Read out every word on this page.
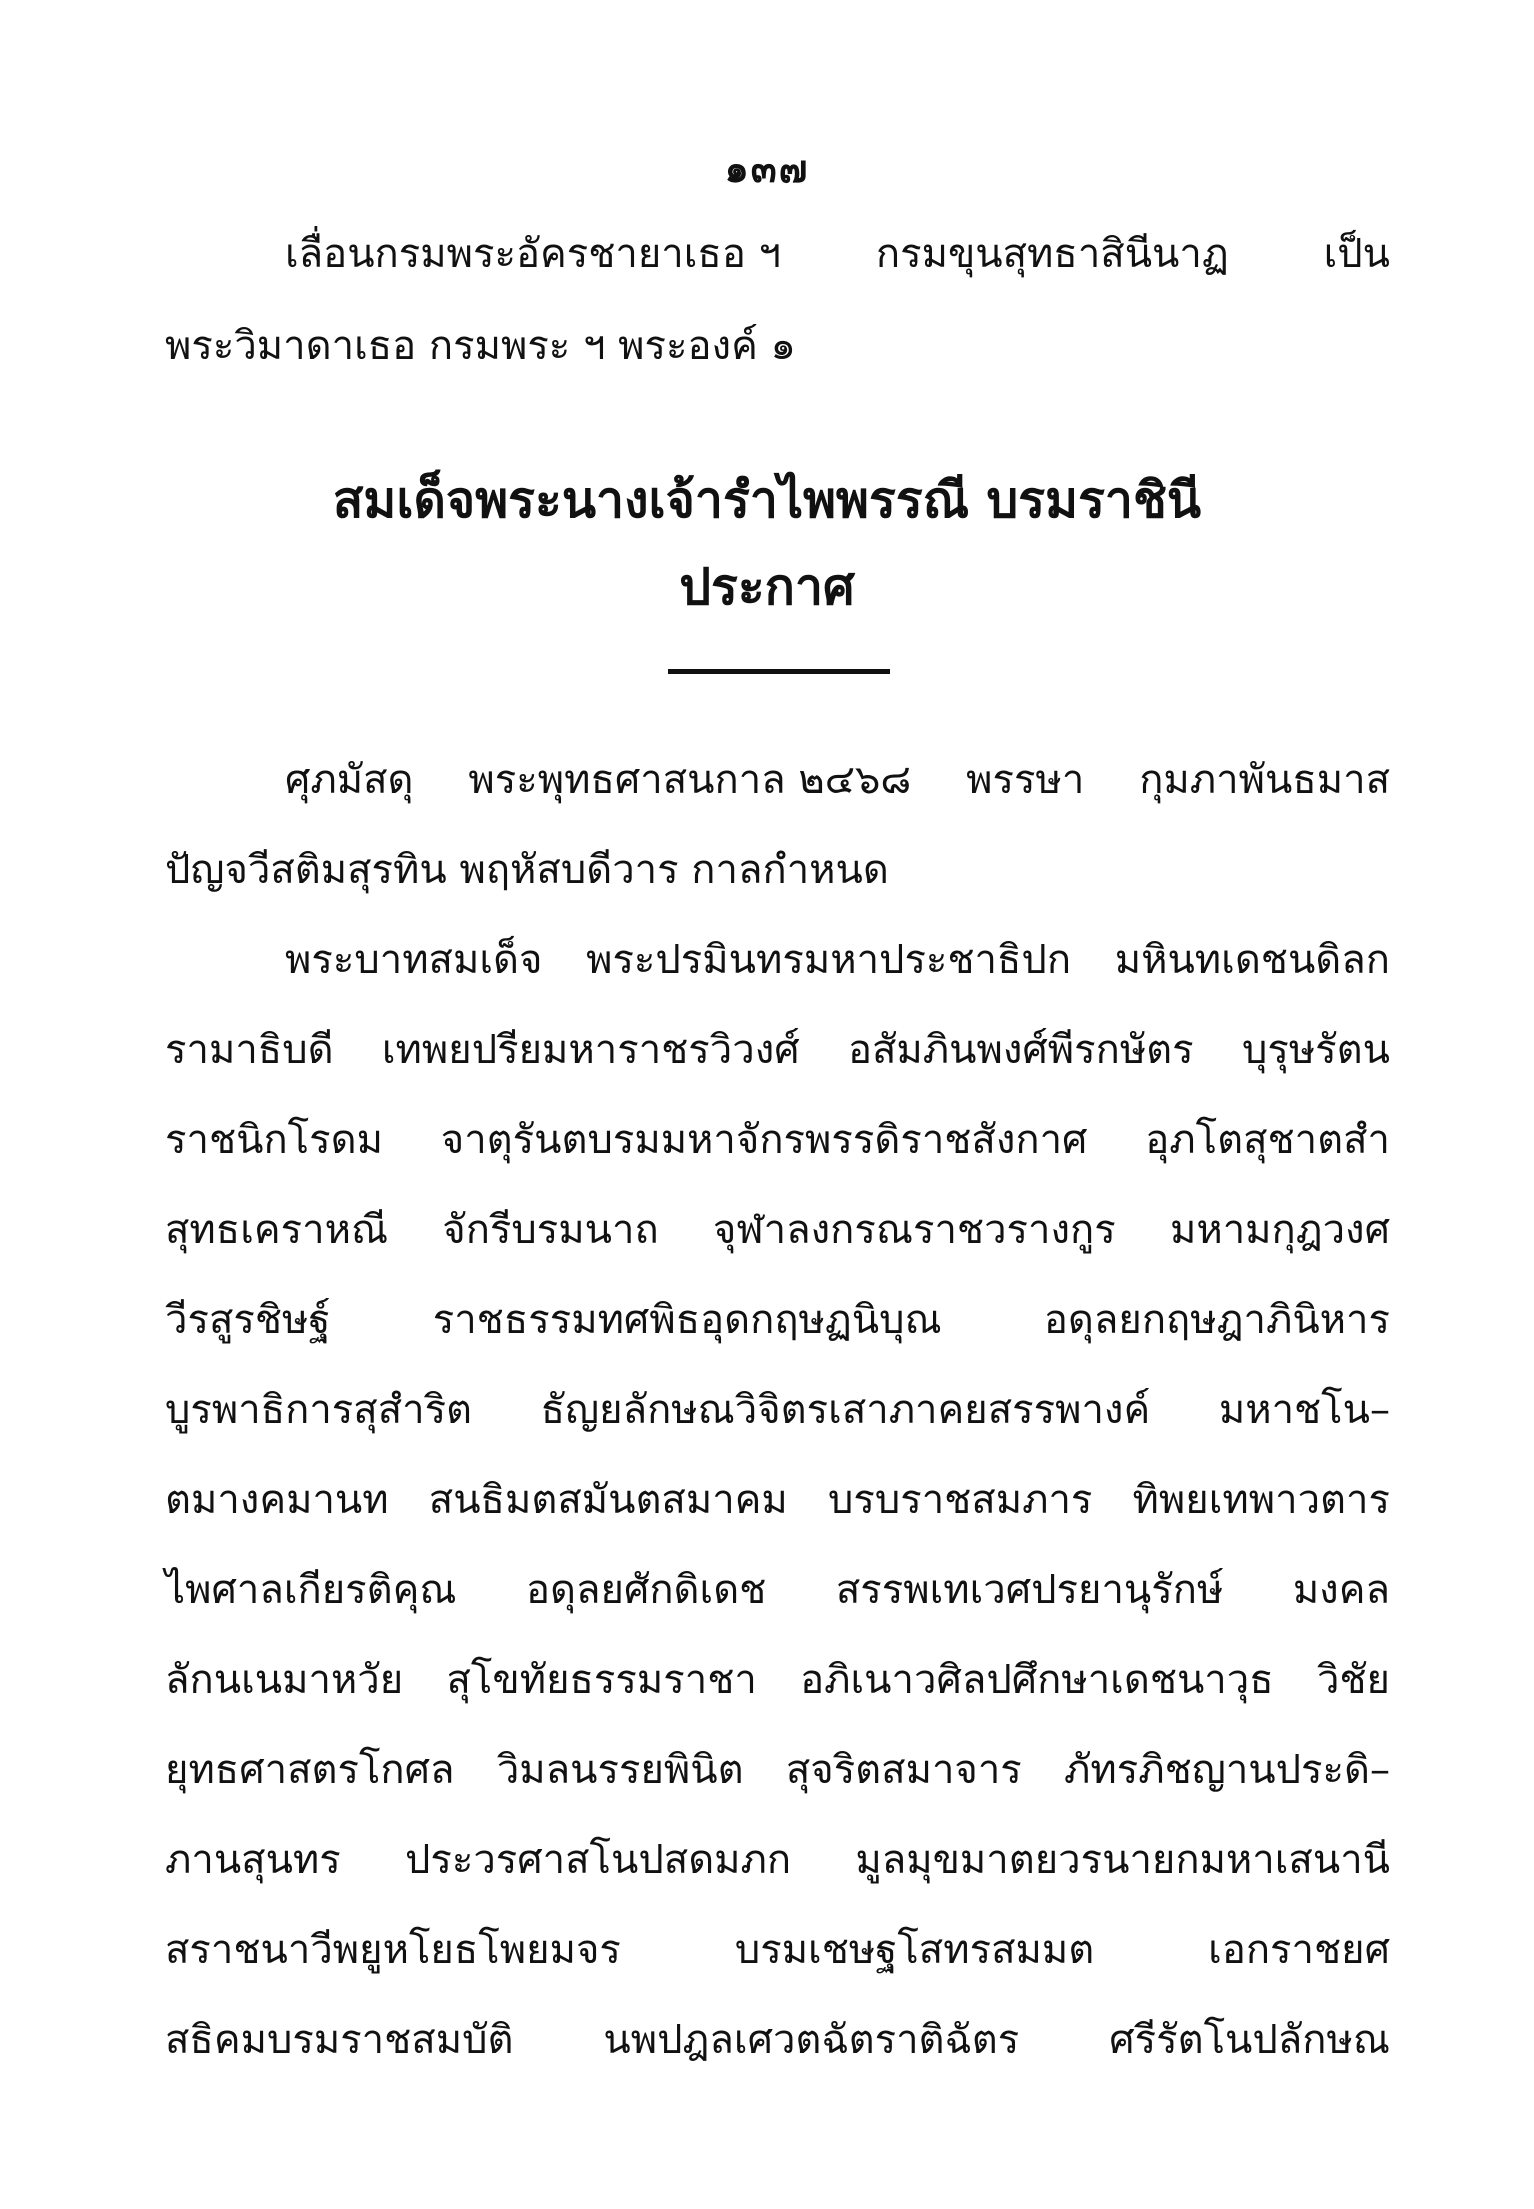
๑๓๗
เลื่อนกรมพระอัครชายาเธอ ฯ กรมขุนสุทธาสินีนาฏ เป็น
พระวิมาดาเธอ กรมพระ ฯ พระองค์ ๑
สมเด็จพระนางเจ้ารำไพพรรณี บรมราชินี
ประกาศ
ศุภมัสดุ พระพุทธศาสนกาล ๒๔๖๘ พรรษา กุมภาพันธมาส
ปัญจวีสติมสุรทิน พฤหัสบดีวาร กาลกำหนด
พระบาทสมเด็จ พระปรมินทรมหาประชาธิปก มหินทเดชนดิลก
รามาธิบดี เทพยปรียมหาราชรวิวงศ์ อสัมภินพงศ์พีรกษัตร บุรุษรัตน
ราชนิกโรดม จาตุรันตบรมมหาจักรพรรดิราชสังกาศ อุภโตสุชาตสำ
สุทธเคราหณี จักรีบรมนาถ จุฬาลงกรณราชวรางกูร มหามกุฎวงศ
วีรสูรชิษฐ์	ราชธรรมทศพิธอุดกฤษฏนิบุณ	อดุลยกฤษฎาภินิหาร
บูรพาธิการสุสำริต ธัญยลักษณวิจิตรเสาภาคยสรรพางค์ มหาชโน–
ตมางคมานท สนธิมตสมันตสมาคม บรบราชสมภาร ทิพยเทพาวตาร
ไพศาลเกียรติคุณ อดุลยศักดิเดช สรรพเทเวศปรยานุรักษ์ มงคล
ลักนเนมาหวัย สุโขทัยธรรมราชา อภิเนาวศิลปศึกษาเดชนาวุธ วิชัย
ยุทธศาสตรโกศล วิมลนรรยพินิต สุจริตสมาจาร ภัทรภิชญานประดิ–
ภานสุนทร ประวรศาสโนปสดมภก มูลมุขมาตยวรนายกมหาเสนานี
สราชนาวีพยูหโยธโพยมจร	บรมเชษฐโสทรสมมต	เอกราชยศ
สธิคมบรมราชสมบัติ นพปฎลเศวตฉัตราติฉัตร ศรีรัตโนปลักษณ
